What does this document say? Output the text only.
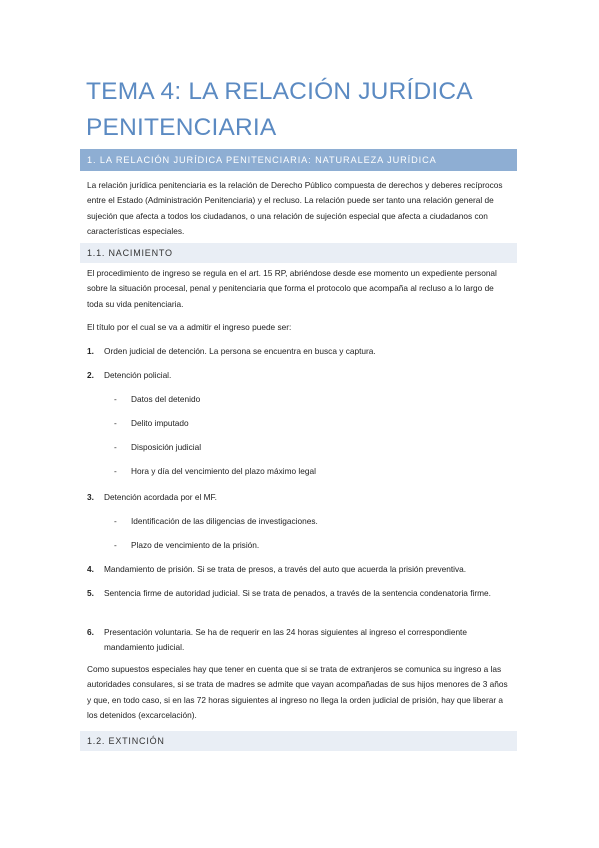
TEMA 4: LA RELACIÓN JURÍDICA PENITENCIARIA
1. LA RELACIÓN JURÍDICA PENITENCIARIA: NATURALEZA JURÍDICA
La relación jurídica penitenciaria es la relación de Derecho Público compuesta de derechos y deberes recíprocos entre el Estado (Administración Penitenciaria) y el recluso. La relación puede ser tanto una relación general de sujeción que afecta a todos los ciudadanos, o una relación de sujeción especial que afecta a ciudadanos con características especiales.
1.1. NACIMIENTO
El procedimiento de ingreso se regula en el art. 15 RP, abriéndose desde ese momento un expediente personal sobre la situación procesal, penal y penitenciaria que forma el protocolo que acompaña al recluso a lo largo de toda su vida penitenciaria.
El título por el cual se va a admitir el ingreso puede ser:
1. Orden judicial de detención. La persona se encuentra en busca y captura.
2. Detención policial.
- Datos del detenido
- Delito imputado
- Disposición judicial
- Hora y día del vencimiento del plazo máximo legal
3. Detención acordada por el MF.
- Identificación de las diligencias de investigaciones.
- Plazo de vencimiento de la prisión.
4. Mandamiento de prisión. Si se trata de presos, a través del auto que acuerda la prisión preventiva.
5. Sentencia firme de autoridad judicial. Si se trata de penados, a través de la sentencia condenatoria firme.
6. Presentación voluntaria. Se ha de requerir en las 24 horas siguientes al ingreso el correspondiente mandamiento judicial.
Como supuestos especiales hay que tener en cuenta que si se trata de extranjeros se comunica su ingreso a las autoridades consulares, si se trata de madres se admite que vayan acompañadas de sus hijos menores de 3 años y que, en todo caso, si en las 72 horas siguientes al ingreso no llega la orden judicial de prisión, hay que liberar a los detenidos (excarcelación).
1.2. EXTINCIÓN
